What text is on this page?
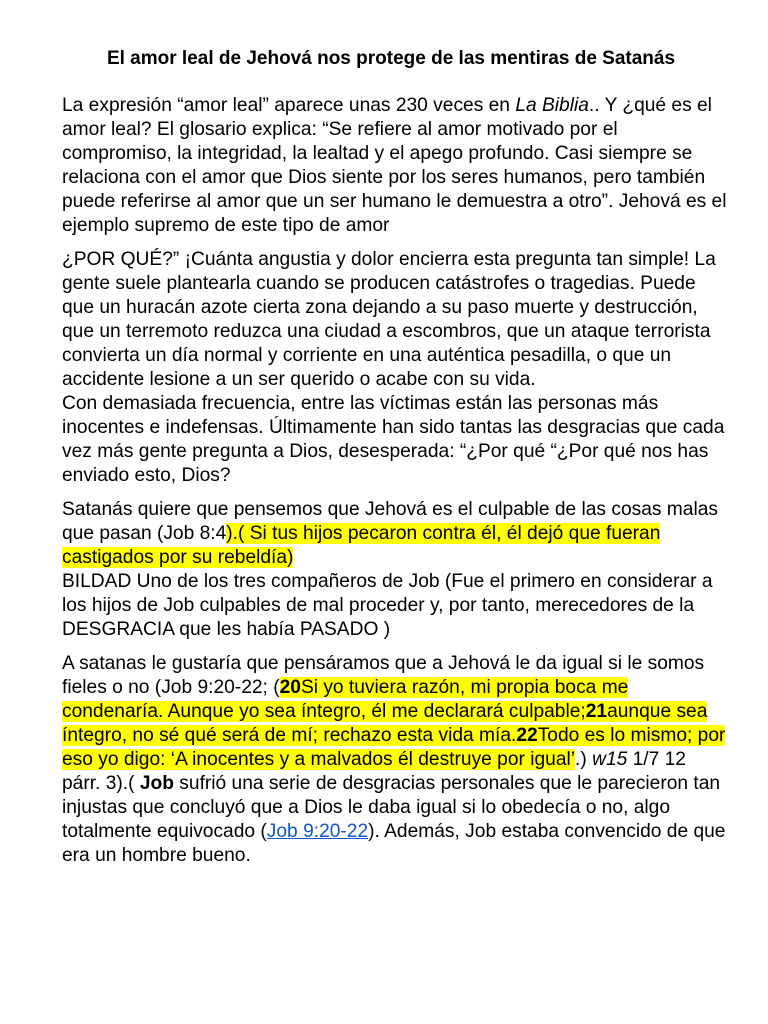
El amor leal de Jehová nos protege de las mentiras de Satanás

La expresión “amor leal” aparece unas 230 veces en La Biblia.. Y ¿qué es el amor leal? El glosario explica: “Se refiere al amor motivado por el compromiso, la integridad, la lealtad y el apego profundo. Casi siempre se relaciona con el amor que Dios siente por los seres humanos, pero también puede referirse al amor que un ser humano le demuestra a otro”. Jehová es el ejemplo supremo de este tipo de amor

¿POR QUÉ?” ¡Cuánta angustia y dolor encierra esta pregunta tan simple! La gente suele plantearla cuando se producen catástrofes o tragedias. Puede que un huracán azote cierta zona dejando a su paso muerte y destrucción, que un terremoto reduzca una ciudad a escombros, que un ataque terrorista convierta un día normal y corriente en una auténtica pesadilla, o que un accidente lesione a un ser querido o acabe con su vida.

Con demasiada frecuencia, entre las víctimas están las personas más inocentes e indefensas. Últimamente han sido tantas las desgracias que cada vez más gente pregunta a Dios, desesperada: “¿Por qué “¿Por qué nos has enviado esto, Dios?

Satanás quiere que pensemos que Jehová es el culpable de las cosas malas que pasan (Job 8:4).( Si tus hijos pecaron contra él, él dejó que fueran castigados por su rebeldía)

BILDAD Uno de los tres compañeros de Job (Fue el primero en considerar a los hijos de Job culpables de mal proceder y, por tanto, merecedores de la DESGRACIA que les había PASADO )

A satanas le gustaría que pensáramos que a Jehová le da igual si le somos fieles o no (Job 9:20-22; (20Si yo tuviera razón, mi propia boca me condenaría. Aunque yo sea íntegro, él me declarará culpable;21aunque sea íntegro, no sé qué será de mí; rechazo esta vida mía.22Todo es lo mismo; por eso yo digo: ‘A inocentes y a malvados él destruye por igual’.) w15 1/7 12 párr. 3).( Job sufrió una serie de desgracias personales que le parecieron tan injustas que concluyó que a Dios le daba igual si lo obedecía o no, algo totalmente equivocado (Job 9:20-22). Además, Job estaba convencido de que era un hombre bueno.
